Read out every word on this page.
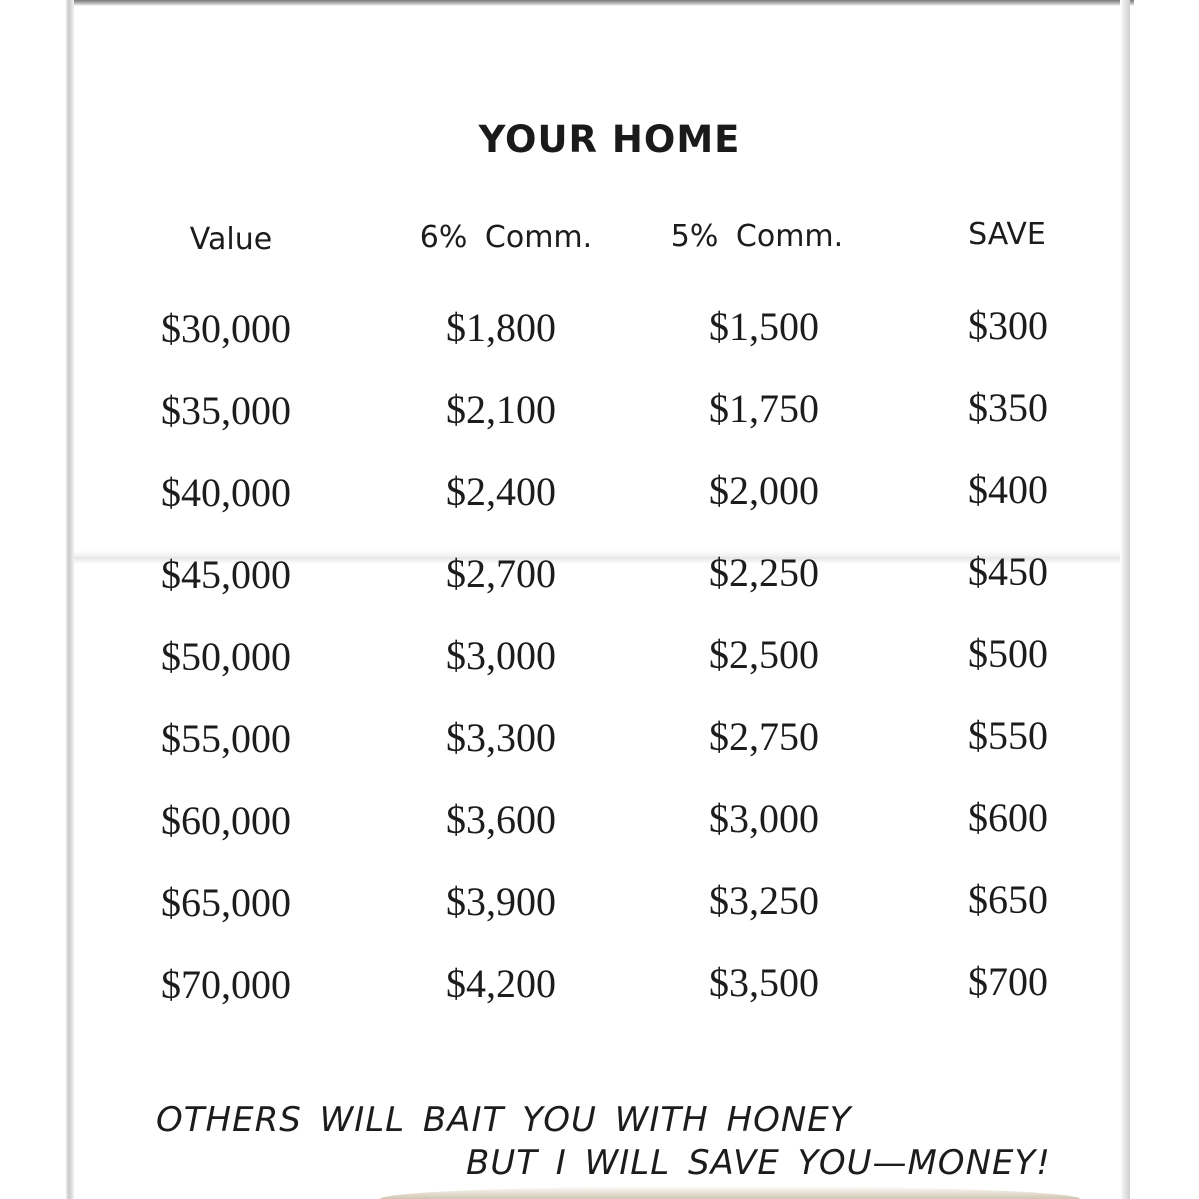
YOUR HOME
Value	6% Comm.	5% Comm.	SAVE
$30,000	$1,800	$1,500	$300
$35,000	$2,100	$1,750	$350
$40,000	$2,400	$2,000	$400
$45,000	$2,700	$2,250	$450
$50,000	$3,000	$2,500	$500
$55,000	$3,300	$2,750	$550
$60,000	$3,600	$3,000	$600
$65,000	$3,900	$3,250	$650
$70,000	$4,200	$3,500	$700
OTHERS WILL BAIT YOU WITH HONEY
BUT I WILL SAVE YOU—MONEY!
